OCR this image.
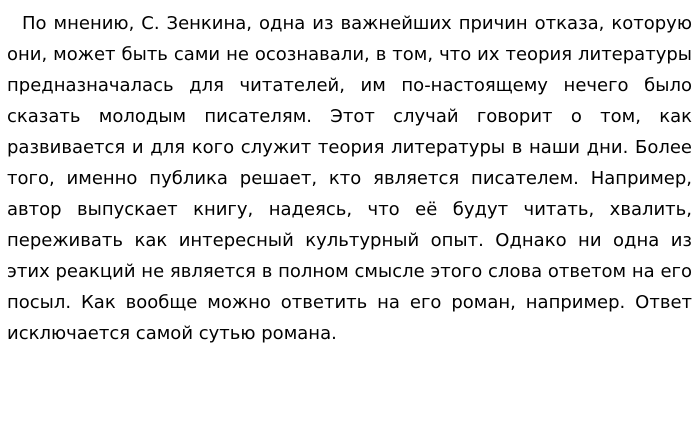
По мнению, С. Зенкина, одна из важнейших причин отказа, которую они, может быть сами не осознавали, в том, что их теория литературы предназначалась для читателей, им по-настоящему нечего было сказать молодым писателям. Этот случай говорит о том, как развивается и для кого служит теория литературы в наши дни. Более того, именно публика решает, кто является писателем. Например, автор выпускает книгу, надеясь, что её будут читать, хвалить, переживать как интересный культурный опыт. Однако ни одна из этих реакций не является в полном смысле этого слова ответом на его посыл. Как вообще можно ответить на его роман, например. Ответ исключается самой сутью романа.
